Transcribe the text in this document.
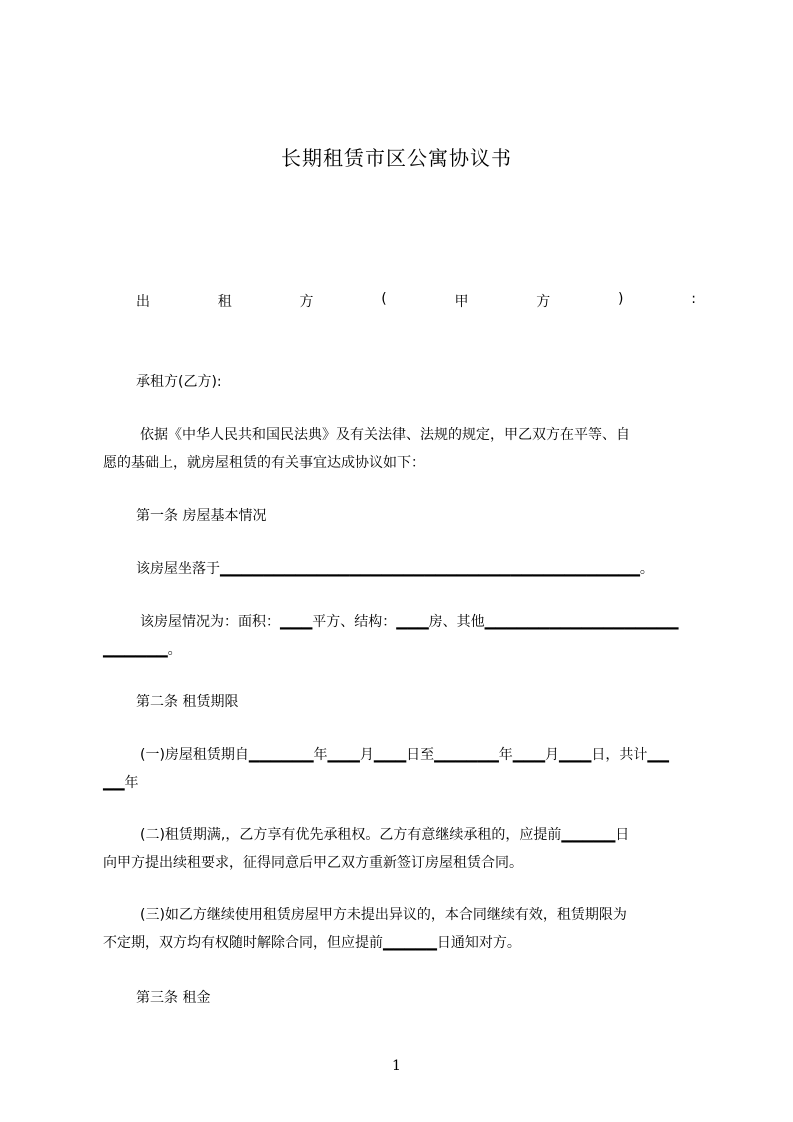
长期租赁市区公寓协议书
出	租	方	(	甲	方	)	:
承租方(乙方):
依据《中华人民共和国民法典》及有关法律、法规的规定，甲乙双方在平等、自
愿的基础上，就房屋租赁的有关事宜达成协议如下：
第一条 房屋基本情况
该房屋坐落于▁▁▁▁▁▁▁▁▁▁▁▁▁▁▁▁▁▁▁▁▁▁▁▁▁▁▁▁▁▁▁▁▁▁▁▁▁▁▁。
该房屋情况为：面积：▁▁▁平方、结构：▁▁▁房、其他▁▁▁▁▁▁▁▁▁▁▁▁▁▁▁▁▁▁
▁▁▁▁▁▁。
第二条 租赁期限
(一)房屋租赁期自▁▁▁▁▁▁年▁▁▁月▁▁▁日至▁▁▁▁▁▁年▁▁▁月▁▁▁日，共计▁▁
▁▁年
(二)租赁期满,，乙方享有优先承租权。乙方有意继续承租的，应提前▁▁▁▁▁日
向甲方提出续租要求，征得同意后甲乙双方重新签订房屋租赁合同。
(三)如乙方继续使用租赁房屋甲方未提出异议的，本合同继续有效，租赁期限为
不定期，双方均有权随时解除合同，但应提前▁▁▁▁▁日通知对方。
第三条 租金
1
